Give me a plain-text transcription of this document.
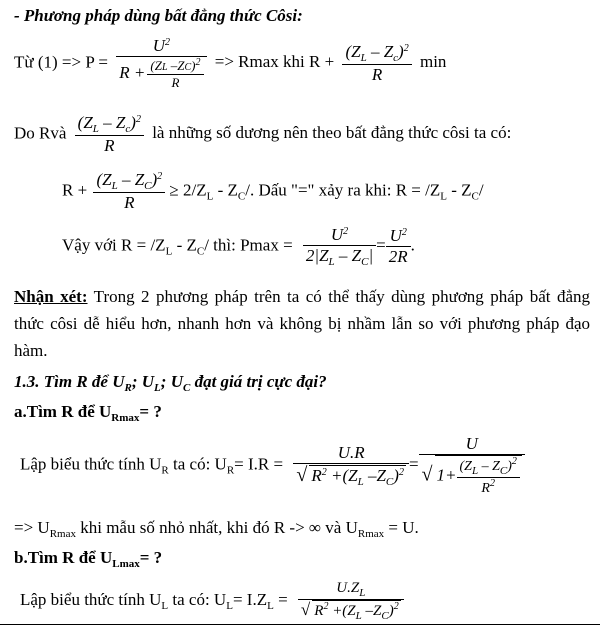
- Phương pháp dùng bất đẳng thức Côsi:
Từ $(1) => P = \frac{U^2}{R + \frac{(ZL -ZC)^2}{R}} => Rmax$ khi $R + \frac{(Z_L - Z_c)^2}{R}$ min
Do Rvà $\frac{(Z_L - Z_c)^2}{R}$ là những số dương nên theo bất đẳng thức côsi ta có:
$R + \frac{(Z_L - Z_C)^2}{R} \ge 2/Z_L - Z_C/$. Dấu "=" xảy ra khi: $R = /Z_L - Z_C/$
Vậy với $R = /Z_L - Z_C/$ thì: $Pmax = \frac{U^2}{2|Z_L - Z_C|} = \frac{U^2}{2R}$ .
Nhận xét: Trong 2 phương pháp trên ta có thể thấy dùng phương pháp bất đẳng thức côsi dễ hiểu hơn, nhanh hơn và không bị nhầm lẫn so với phương pháp đạo hàm.
1.3. Tìm R để $U_R$; $U_L$; $U_C$ đạt giá trị cực đại?
a.Tìm R để $U_{Rmax}=$ ?
Lập biểu thức tính $U_R$ ta có: $U_R= I.R = \frac{U.R}{√ R^2 +(Z_L -Z_C)^2} = \frac{U}{√ 1+ \frac{(Z_L - Z_C)^2}{R^2}}$
=> $U_{Rmax}$ khi mẫu số nhỏ nhất, khi đó R -> ∞ và $U_{Rmax} = U$.
b.Tìm R để $U_{Lmax}=$ ?
Lập biểu thức tính $U_L$ ta có: $U_L= I.Z_L = \frac{U.Z_L}{√ R^2 +(Z_L -Z_C)^2}$
